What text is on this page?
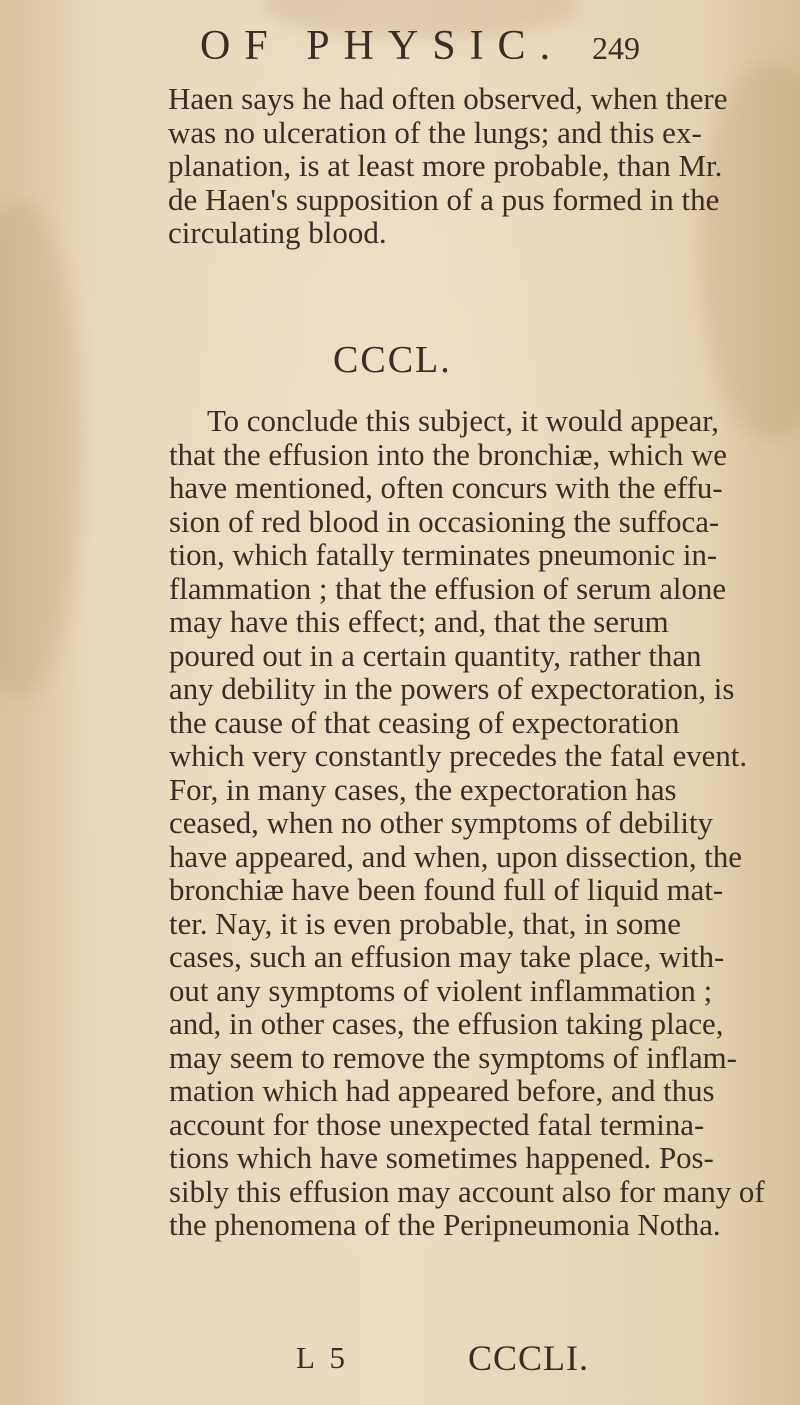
OF PHYSIC. 249
Haen says he had often observed, when there
was no ulceration of the lungs; and this ex-
planation, is at least more probable, than Mr.
de Haen's supposition of a pus formed in the
circulating blood.
CCCL.
To conclude this subject, it would appear,
that the effusion into the bronchiæ, which we
have mentioned, often concurs with the effu-
sion of red blood in occasioning the suffoca-
tion, which fatally terminates pneumonic in-
flammation ; that the effusion of serum alone
may have this effect; and, that the serum
poured out in a certain quantity, rather than
any debility in the powers of expectoration, is
the cause of that ceasing of expectoration
which very constantly precedes the fatal event.
For, in many cases, the expectoration has
ceased, when no other symptoms of debility
have appeared, and when, upon dissection, the
bronchiæ have been found full of liquid mat-
ter. Nay, it is even probable, that, in some
cases, such an effusion may take place, with-
out any symptoms of violent inflammation ;
and, in other cases, the effusion taking place,
may seem to remove the symptoms of inflam-
mation which had appeared before, and thus
account for those unexpected fatal termina-
tions which have sometimes happened. Pos-
sibly this effusion may account also for many of
the phenomena of the Peripneumonia Notha.
L 5	CCCLI.
